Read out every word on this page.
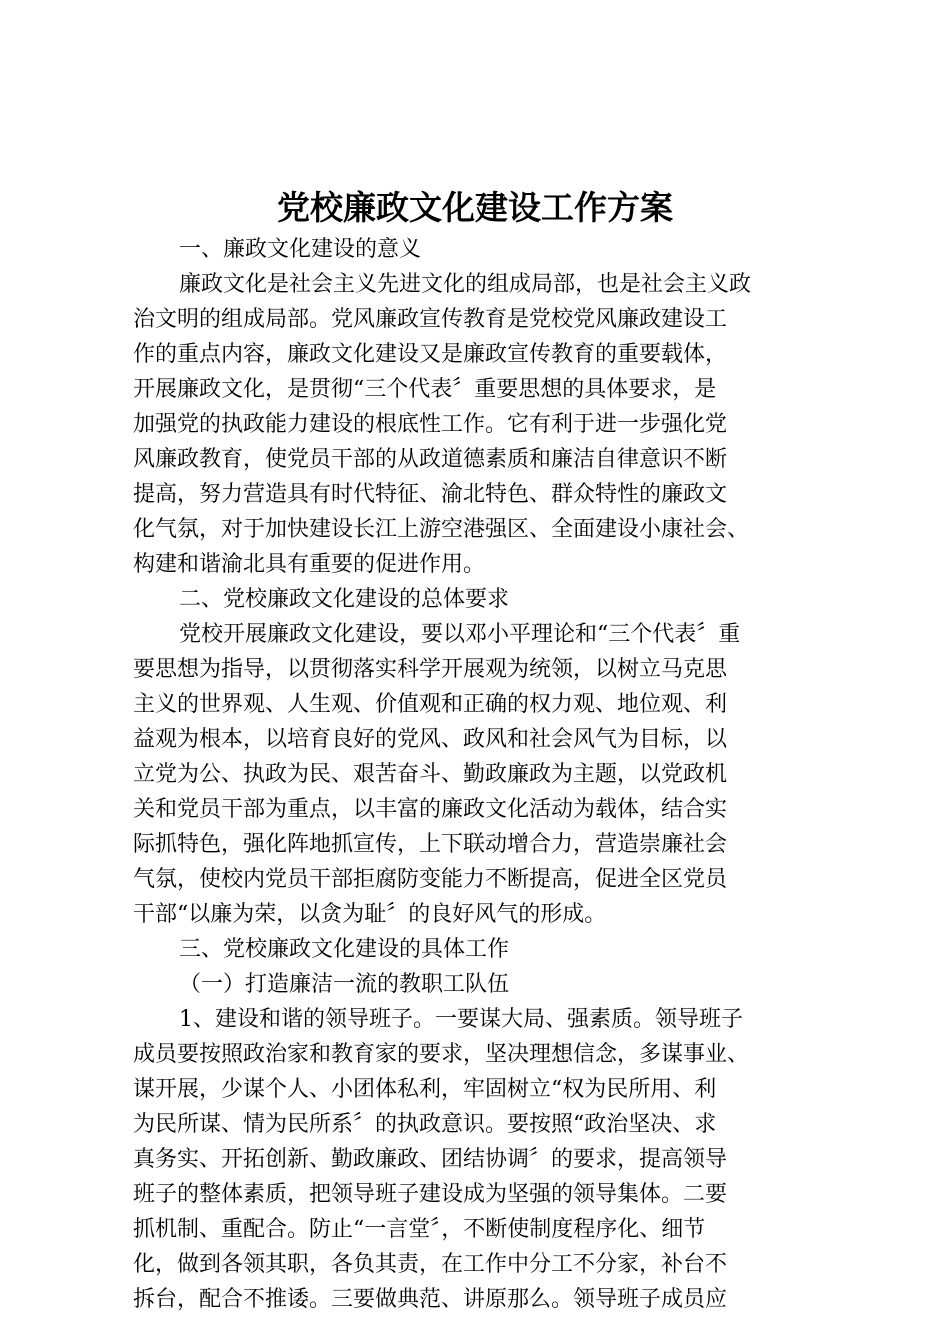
党校廉政文化建设工作方案
一、廉政文化建设的意义
廉政文化是社会主义先进文化的组成局部，也是社会主义政
治文明的组成局部。党风廉政宣传教育是党校党风廉政建设工
作的重点内容，廉政文化建设又是廉政宣传教育的重要载体，
开展廉政文化，是贯彻“三个代表〞重要思想的具体要求，是
加强党的执政能力建设的根底性工作。它有利于进一步强化党
风廉政教育，使党员干部的从政道德素质和廉洁自律意识不断
提高，努力营造具有时代特征、渝北特色、群众特性的廉政文
化气氛，对于加快建设长江上游空港强区、全面建设小康社会、
构建和谐渝北具有重要的促进作用。
二、党校廉政文化建设的总体要求
党校开展廉政文化建设，要以邓小平理论和“三个代表〞重
要思想为指导，以贯彻落实科学开展观为统领，以树立马克思
主义的世界观、人生观、价值观和正确的权力观、地位观、利
益观为根本，以培育良好的党风、政风和社会风气为目标，以
立党为公、执政为民、艰苦奋斗、勤政廉政为主题，以党政机
关和党员干部为重点，以丰富的廉政文化活动为载体，结合实
际抓特色，强化阵地抓宣传，上下联动增合力，营造崇廉社会
气氛，使校内党员干部拒腐防变能力不断提高，促进全区党员
干部“以廉为荣，以贪为耻〞的良好风气的形成。
三、党校廉政文化建设的具体工作
（一）打造廉洁一流的教职工队伍
1、建设和谐的领导班子。一要谋大局、强素质。领导班子
成员要按照政治家和教育家的要求，坚决理想信念，多谋事业、
谋开展，少谋个人、小团体私利，牢固树立“权为民所用、利
为民所谋、情为民所系〞的执政意识。要按照“政治坚决、求
真务实、开拓创新、勤政廉政、团结协调〞的要求，提高领导
班子的整体素质，把领导班子建设成为坚强的领导集体。二要
抓机制、重配合。防止“一言堂〞，不断使制度程序化、细节
化，做到各领其职，各负其责，在工作中分工不分家，补台不
拆台，配合不推诿。三要做典范、讲原那么。领导班子成员应
